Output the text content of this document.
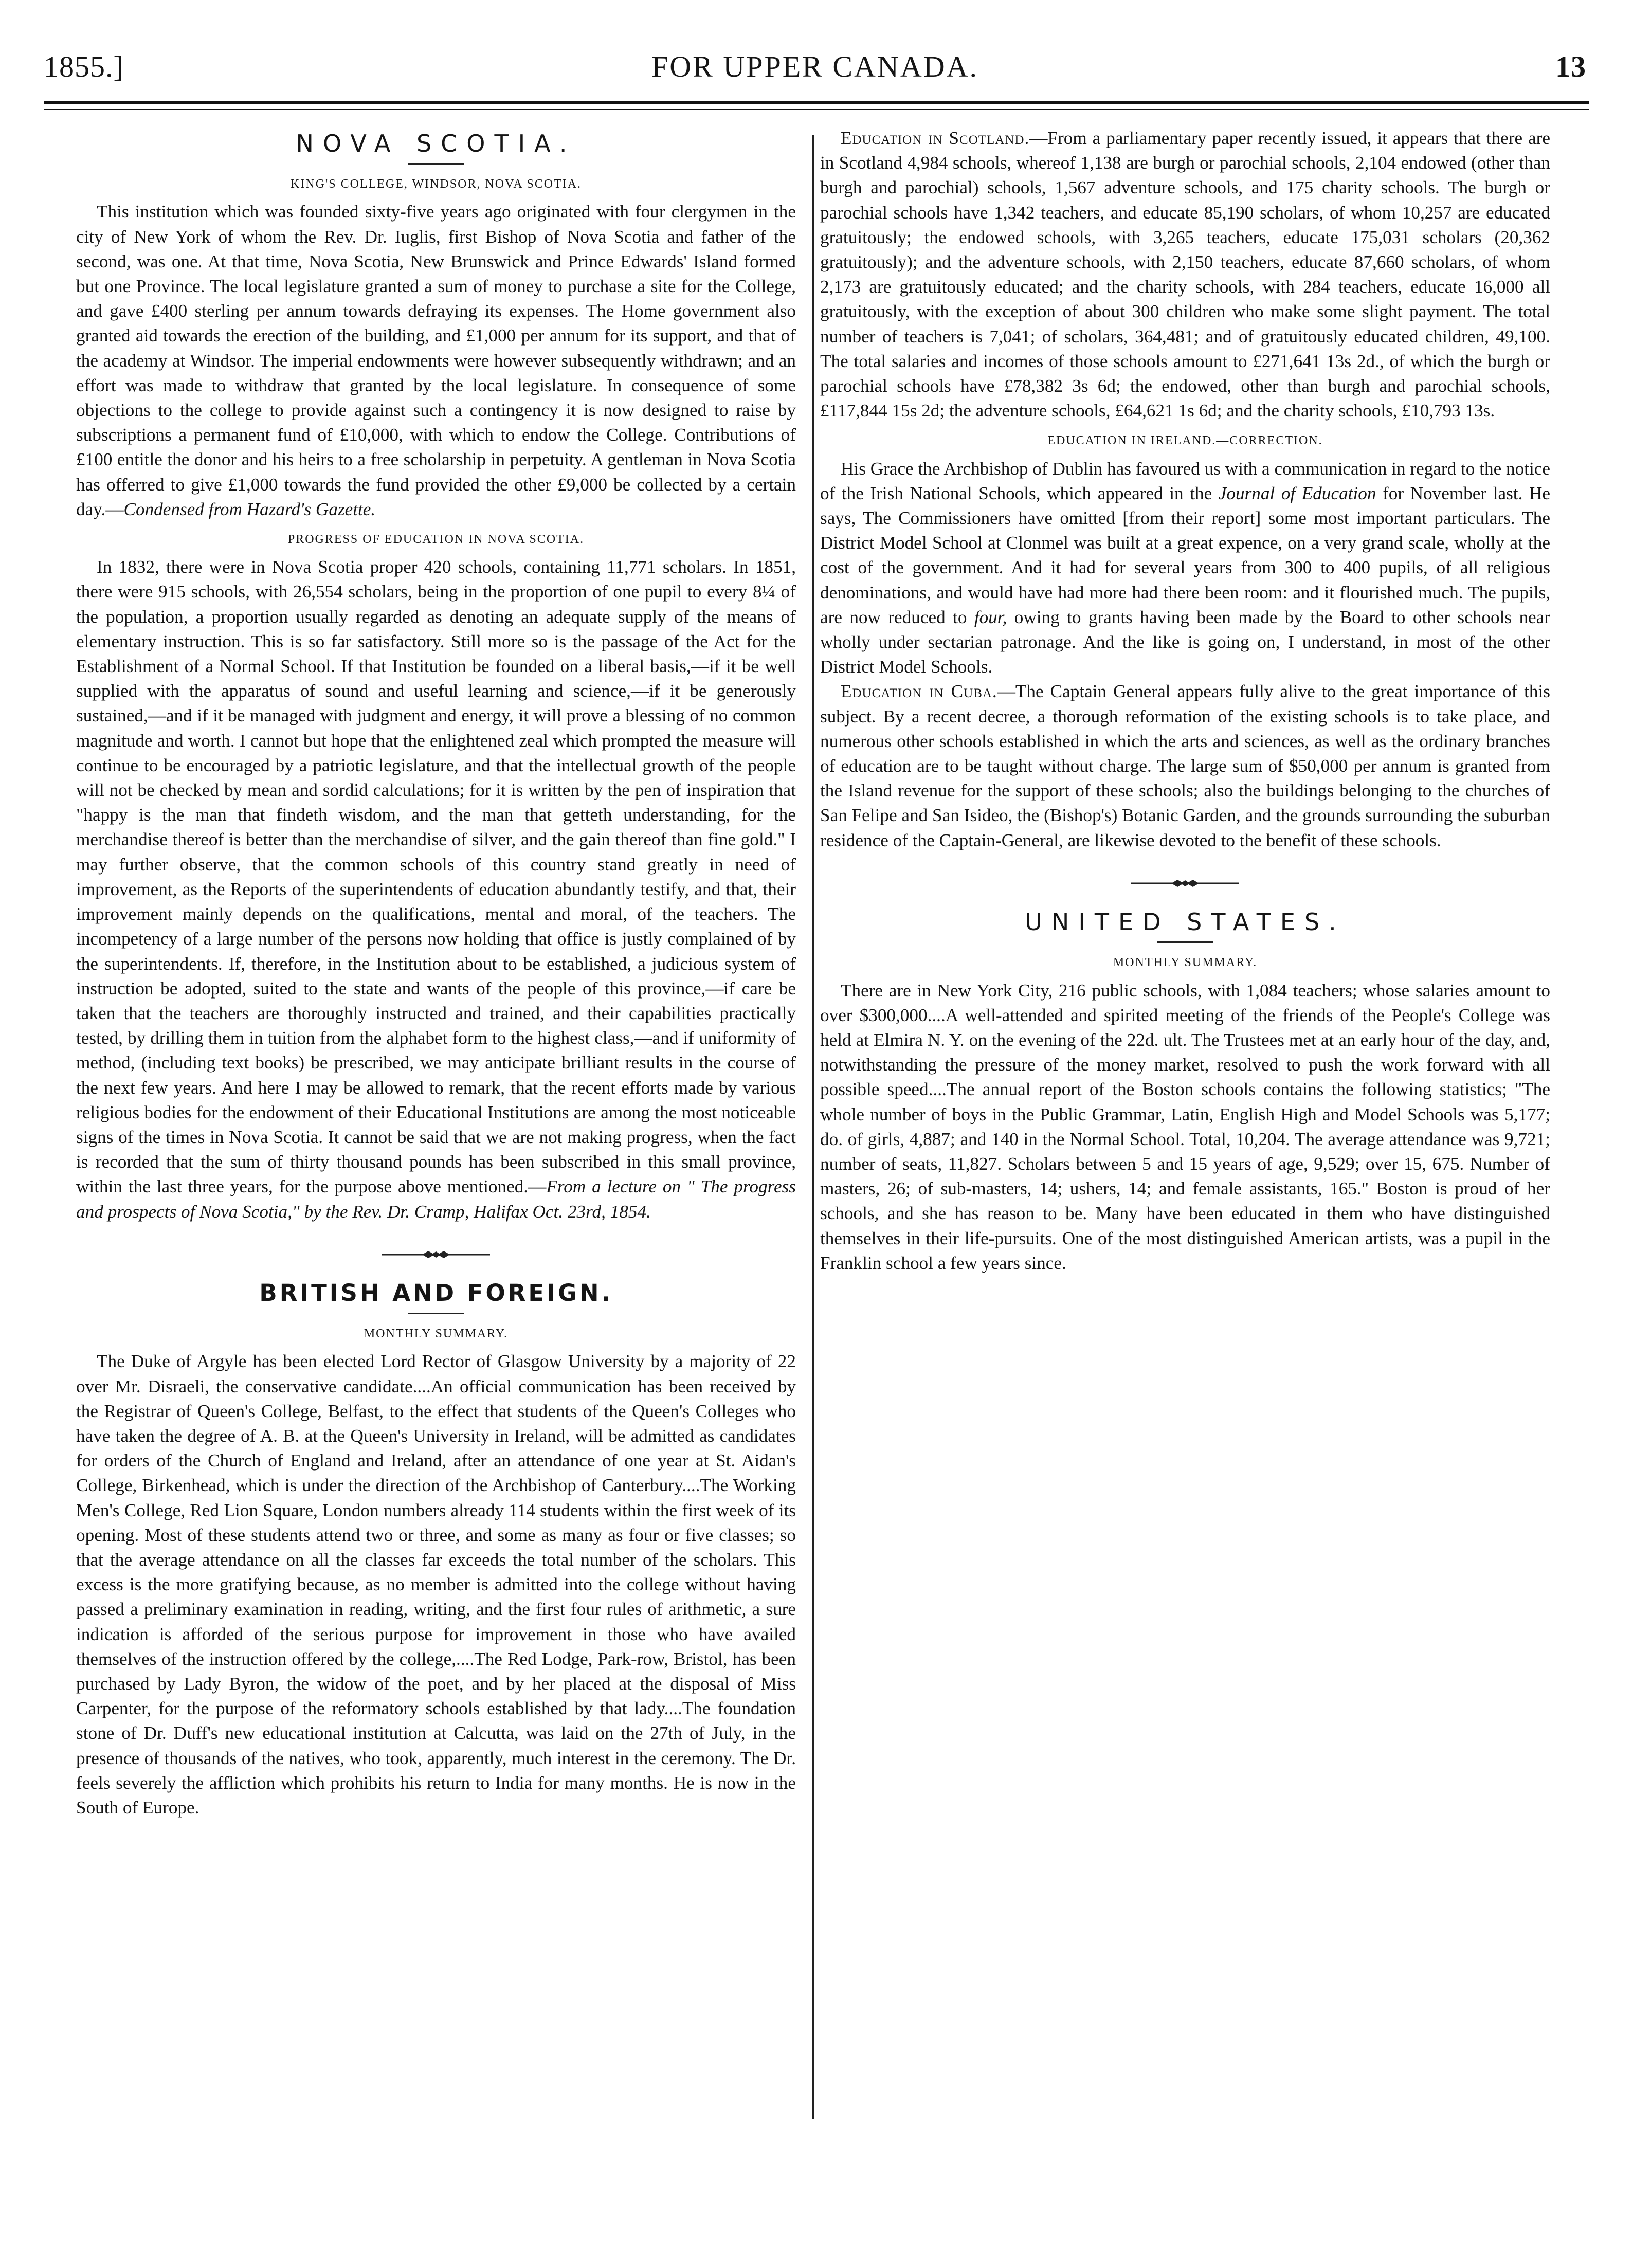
1855.]	FOR UPPER CANADA.	13
NOVA SCOTIA.
KING'S COLLEGE, WINDSOR, NOVA SCOTIA.

This institution which was founded sixty-five years ago originated with four clergymen in the city of New York of whom the Rev. Dr. Iuglis, first Bishop of Nova Scotia and father of the second, was one. At that time, Nova Scotia, New Brunswick and Prince Edwards' Island formed but one Province. The local legislature granted a sum of money to purchase a site for the College, and gave £400 sterling per annum towards defraying its expenses. The Home government also granted aid towards the erection of the building, and £1,000 per annum for its support, and that of the academy at Windsor. The imperial endowments were however subsequently withdrawn; and an effort was made to withdraw that granted by the local legislature. In consequence of some objections to the college to provide against such a contingency it is now designed to raise by subscriptions a permanent fund of £10,000, with which to endow the College. Contributions of £100 entitle the donor and his heirs to a free scholarship in perpetuity. A gentleman in Nova Scotia has offerred to give £1,000 towards the fund provided the other £9,000 be collected by a certain day.—Condensed from Hazard's Gazette.

PROGRESS OF EDUCATION IN NOVA SCOTIA.

In 1832, there were in Nova Scotia proper 420 schools, containing 11,771 scholars. In 1851, there were 915 schools, with 26,554 scholars, being in the proportion of one pupil to every 8¼ of the population, a proportion usually regarded as denoting an adequate supply of the means of elementary instruction. This is so far satisfactory. Still more so is the passage of the Act for the Establishment of a Normal School. If that Institution be founded on a liberal basis,—if it be well supplied with the apparatus of sound and useful learning and science,—if it be generously sustained,—and if it be managed with judgment and energy, it will prove a blessing of no common magnitude and worth. I cannot but hope that the enlightened zeal which prompted the measure will continue to be encouraged by a patriotic legislature, and that the intellectual growth of the people will not be checked by mean and sordid calculations; for it is written by the pen of inspiration that "happy is the man that findeth wisdom, and the man that getteth understanding, for the merchandise thereof is better than the merchandise of silver, and the gain thereof than fine gold." I may further observe, that the common schools of this country stand greatly in need of improvement, as the Reports of the superintendents of education abundantly testify, and that, their improvement mainly depends on the qualifications, mental and moral, of the teachers. The incompetency of a large number of the persons now holding that office is justly complained of by the superintendents. If, therefore, in the Institution about to be established, a judicious system of instruction be adopted, suited to the state and wants of the people of this province,—if care be taken that the teachers are thoroughly instructed and trained, and their capabilities practically tested, by drilling them in tuition from the alphabet form to the highest class,—and if uniformity of method, (including text books) be prescribed, we may anticipate brilliant results in the course of the next few years. And here I may be allowed to remark, that the recent efforts made by various religious bodies for the endowment of their Educational Institutions are among the most noticeable signs of the times in Nova Scotia. It cannot be said that we are not making progress, when the fact is recorded that the sum of thirty thousand pounds has been subscribed in this small province, within the last three years, for the purpose above mentioned.—From a lecture on " The progress and prospects of Nova Scotia," by the Rev. Dr. Cramp, Halifax Oct. 23rd, 1854.

BRITISH AND FOREIGN.
MONTHLY SUMMARY.

The Duke of Argyle has been elected Lord Rector of Glasgow University by a majority of 22 over Mr. Disraeli, the conservative candidate....An official communication has been received by the Registrar of Queen's College, Belfast, to the effect that students of the Queen's Colleges who have taken the degree of A. B. at the Queen's University in Ireland, will be admitted as candidates for orders of the Church of England and Ireland, after an attendance of one year at St. Aidan's College, Birkenhead, which is under the direction of the Archbishop of Canterbury....The Working Men's College, Red Lion Square, London numbers already 114 students within the first week of its opening. Most of these students attend two or three, and some as many as four or five classes; so that the average attendance on all the classes far exceeds the total number of the scholars. This excess is the more gratifying because, as no member is admitted into the college without having passed a preliminary examination in reading, writing, and the first four rules of arithmetic, a sure indication is afforded of the serious purpose for improvement in those who have availed themselves of the instruction offered by the college,....The Red Lodge, Park-row, Bristol, has been purchased by Lady Byron, the widow of the poet, and by her placed at the disposal of Miss Carpenter, for the purpose of the reformatory schools established by that lady....The foundation stone of Dr. Duff's new educational institution at Calcutta, was laid on the 27th of July, in the presence of thousands of the natives, who took, apparently, much interest in the ceremony. The Dr. feels severely the affliction which prohibits his return to India for many months. He is now in the South of Europe.

Education in Scotland.—From a parliamentary paper recently issued, it appears that there are in Scotland 4,984 schools, whereof 1,138 are burgh or parochial schools, 2,104 endowed (other than burgh and parochial) schools, 1,567 adventure schools, and 175 charity schools. The burgh or parochial schools have 1,342 teachers, and educate 85,190 scholars, of whom 10,257 are educated gratuitously; the endowed schools, with 3,265 teachers, educate 175,031 scholars (20,362 gratuitously); and the adventure schools, with 2,150 teachers, educate 87,660 scholars, of whom 2,173 are gratuitously educated; and the charity schools, with 284 teachers, educate 16,000 all gratuitously, with the exception of about 300 children who make some slight payment. The total number of teachers is 7,041; of scholars, 364,481; and of gratuitously educated children, 49,100. The total salaries and incomes of those schools amount to £271,641 13s 2d., of which the burgh or parochial schools have £78,382 3s 6d; the endowed, other than burgh and parochial schools, £117,844 15s 2d; the adventure schools, £64,621 1s 6d; and the charity schools, £10,793 13s.

EDUCATION IN IRELAND.—CORRECTION.

His Grace the Archbishop of Dublin has favoured us with a communication in regard to the notice of the Irish National Schools, which appeared in the Journal of Education for November last. He says, The Commissioners have omitted [from their report] some most important particulars. The District Model School at Clonmel was built at a great expence, on a very grand scale, wholly at the cost of the government. And it had for several years from 300 to 400 pupils, of all religious denominations, and would have had more had there been room: and it flourished much. The pupils, are now reduced to four, owing to grants having been made by the Board to other schools near wholly under sectarian patronage. And the like is going on, I understand, in most of the other District Model Schools.

Education in Cuba.—The Captain General appears fully alive to the great importance of this subject. By a recent decree, a thorough reformation of the existing schools is to take place, and numerous other schools established in which the arts and sciences, as well as the ordinary branches of education are to be taught without charge. The large sum of $50,000 per annum is granted from the Island revenue for the support of these schools; also the buildings belonging to the churches of San Felipe and San Isideo, the (Bishop's) Botanic Garden, and the grounds surrounding the suburban residence of the Captain-General, are likewise devoted to the benefit of these schools.

UNITED STATES.
MONTHLY SUMMARY.

There are in New York City, 216 public schools, with 1,084 teachers; whose salaries amount to over $300,000....A well-attended and spirited meeting of the friends of the People's College was held at Elmira N. Y. on the evening of the 22d. ult. The Trustees met at an early hour of the day, and, notwithstanding the pressure of the money market, resolved to push the work forward with all possible speed....The annual report of the Boston schools contains the following statistics; "The whole number of boys in the Public Grammar, Latin, English High and Model Schools was 5,177; do. of girls, 4,887; and 140 in the Normal School. Total, 10,204. The average attendance was 9,721; number of seats, 11,827. Scholars between 5 and 15 years of age, 9,529; over 15, 675. Number of masters, 26; of sub-masters, 14; ushers, 14; and female assistants, 165." Boston is proud of her schools, and she has reason to be. Many have been educated in them who have distinguished themselves in their life-pursuits. One of the most distinguished American artists, was a pupil in the Franklin school a few years since.
